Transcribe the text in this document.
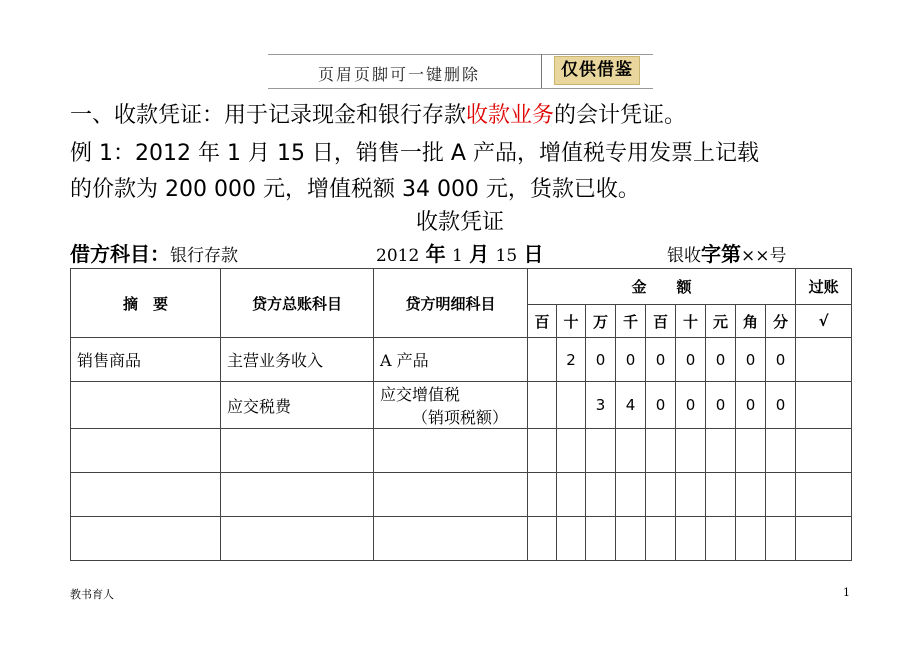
页眉页脚可一键删除	仅供借鉴
一、收款凭证：用于记录现金和银行存款收款业务的会计凭证。
例 1：2012 年 1 月 15 日，销售一批 A 产品，增值税专用发票上记载
的价款为 200 000 元，增值税额 34 000 元，货款已收。
收款凭证
借方科目：银行存款	2012 年 1 月 15 日	银收字第××号
摘　要	贷方总账科目	贷方明细科目	金　　额									过账
			百	十	万	千	百	十	元	角	分	√
销售商品	主营业务收入	A 产品		2	0	0	0	0	0	0	0	
	应交税费	应交增值税
（销项税额）			3	4	0	0	0	0	0	

教书育人	1
